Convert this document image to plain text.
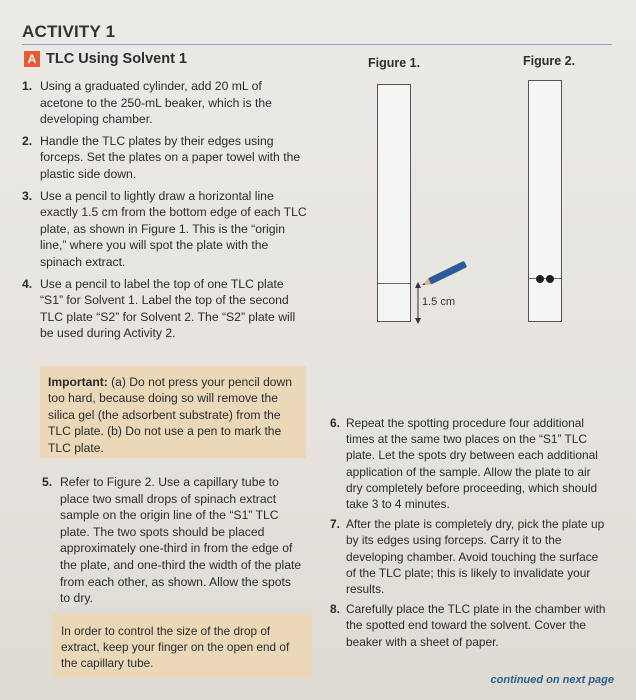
ACTIVITY 1
A TLC Using Solvent 1
1. Using a graduated cylinder, add 20 mL of acetone to the 250-mL beaker, which is the developing chamber.
2. Handle the TLC plates by their edges using forceps. Set the plates on a paper towel with the plastic side down.
3. Use a pencil to lightly draw a horizontal line exactly 1.5 cm from the bottom edge of each TLC plate, as shown in Figure 1. This is the “origin line,” where you will spot the plate with the spinach extract.
4. Use a pencil to label the top of one TLC plate “S1” for Solvent 1. Label the top of the second TLC plate “S2” for Solvent 2. The “S2” plate will be used during Activity 2.
Important: (a) Do not press your pencil down too hard, because doing so will remove the silica gel (the adsorbent substrate) from the TLC plate. (b) Do not use a pen to mark the TLC plate.
5. Refer to Figure 2. Use a capillary tube to place two small drops of spinach extract sample on the origin line of the “S1” TLC plate. The two spots should be placed approximately one-third in from the edge of the plate, and one-third the width of the plate from each other, as shown. Allow the spots to dry.
In order to control the size of the drop of extract, keep your finger on the open end of the capillary tube.
6. Repeat the spotting procedure four additional times at the same two places on the “S1” TLC plate. Let the spots dry between each additional application of the sample. Allow the plate to air dry completely before proceeding, which should take 3 to 4 minutes.
7. After the plate is completely dry, pick the plate up by its edges using forceps. Carry it to the developing chamber. Avoid touching the surface of the TLC plate; this is likely to invalidate your results.
8. Carefully place the TLC plate in the chamber with the spotted end toward the solvent. Cover the beaker with a sheet of paper.
Figure 1.
1.5 cm
Figure 2.
continued on next page
